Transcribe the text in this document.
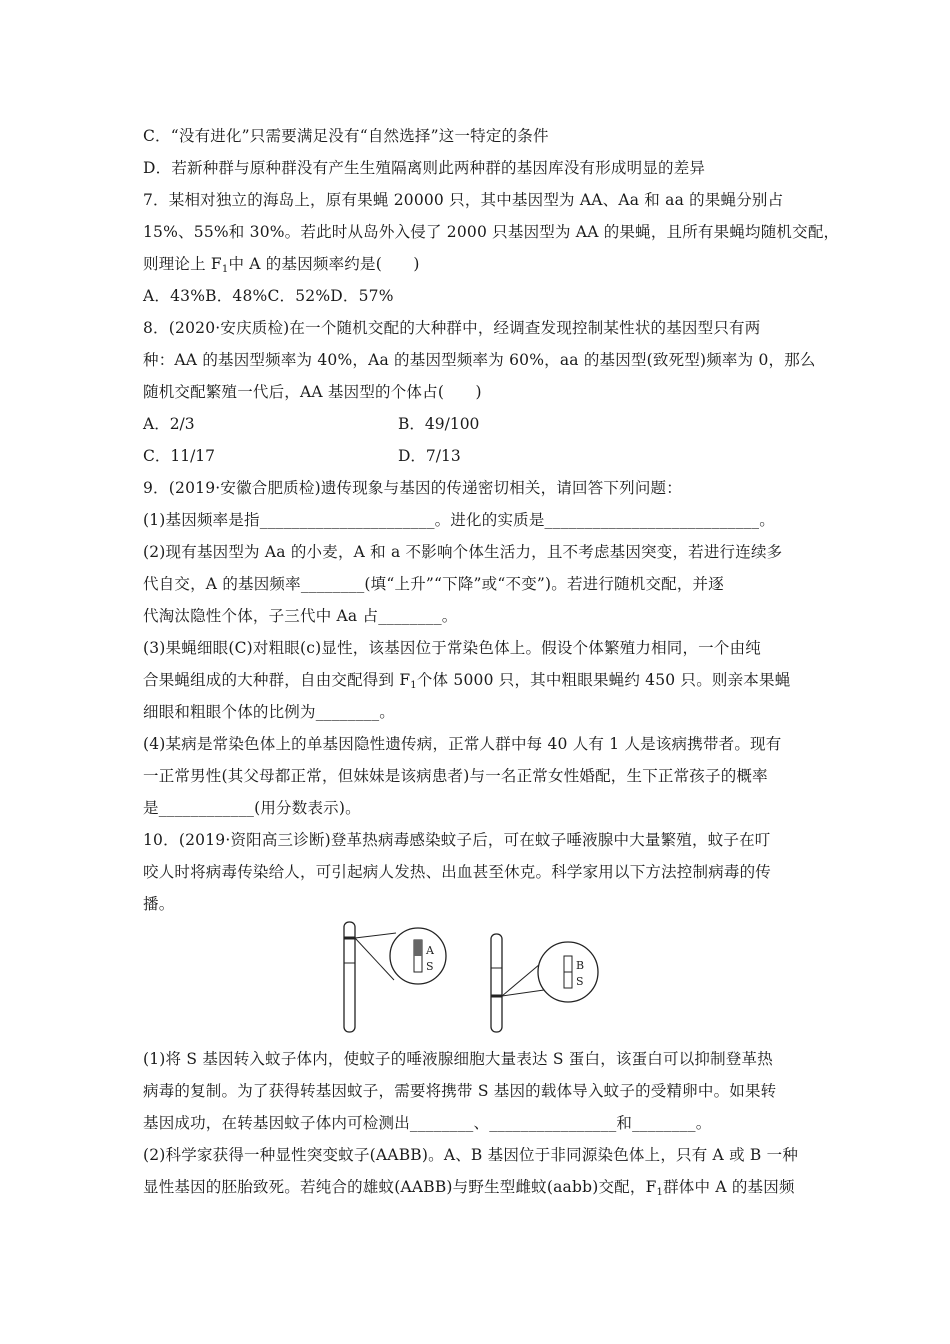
C．“没有进化”只需要满足没有“自然选择”这一特定的条件
D．若新种群与原种群没有产生生殖隔离则此两种群的基因库没有形成明显的差异
7．某相对独立的海岛上，原有果蝇 20000 只，其中基因型为 AA、Aa 和 aa 的果蝇分别占
15%、55%和 30%。若此时从岛外入侵了 2000 只基因型为 AA 的果蝇，且所有果蝇均随机交配，
则理论上 $F_1$中 A 的基因频率约是(　　)
A．43%B．48%C．52%D．57%
8．(2020·安庆质检)在一个随机交配的大种群中，经调查发现控制某性状的基因型只有两
种：AA 的基因型频率为 40%，Aa 的基因型频率为 60%，aa 的基因型(致死型)频率为 0，那么
随机交配繁殖一代后，AA 基因型的个体占(　　)
A．2/3	B．49/100
C．11/17	D．7/13
9．(2019·安徽合肥质检)遗传现象与基因的传递密切相关，请回答下列问题：
(1)基因频率是指______________________。进化的实质是___________________________。
(2)现有基因型为 Aa 的小麦，A 和 a 不影响个体生活力，且不考虑基因突变，若进行连续多
代自交，A 的基因频率________(填“上升”“下降”或“不变”)。若进行随机交配，并逐
代淘汰隐性个体，子三代中 Aa 占________。
(3)果蝇细眼(C)对粗眼(c)显性，该基因位于常染色体上。假设个体繁殖力相同，一个由纯
合果蝇组成的大种群，自由交配得到 $F_1$个体 5000 只，其中粗眼果蝇约 450 只。则亲本果蝇
细眼和粗眼个体的比例为________。
(4)某病是常染色体上的单基因隐性遗传病，正常人群中每 40 人有 1 人是该病携带者。现有
一正常男性(其父母都正常，但妹妹是该病患者)与一名正常女性婚配，生下正常孩子的概率
是____________(用分数表示)。
10．(2019·资阳高三诊断)登革热病毒感染蚊子后，可在蚊子唾液腺中大量繁殖，蚊子在叮
咬人时将病毒传染给人，可引起病人发热、出血甚至休克。科学家用以下方法控制病毒的传
播。
A
S	B
S
(1)将 S 基因转入蚊子体内，使蚊子的唾液腺细胞大量表达 S 蛋白，该蛋白可以抑制登革热
病毒的复制。为了获得转基因蚊子，需要将携带 S 基因的载体导入蚊子的受精卵中。如果转
基因成功，在转基因蚊子体内可检测出________、________________和________。
(2)科学家获得一种显性突变蚊子(AABB)。A、B 基因位于非同源染色体上，只有 A 或 B 一种
显性基因的胚胎致死。若纯合的雄蚊(AABB)与野生型雌蚊(aabb)交配，$F_1$群体中 A 的基因频
